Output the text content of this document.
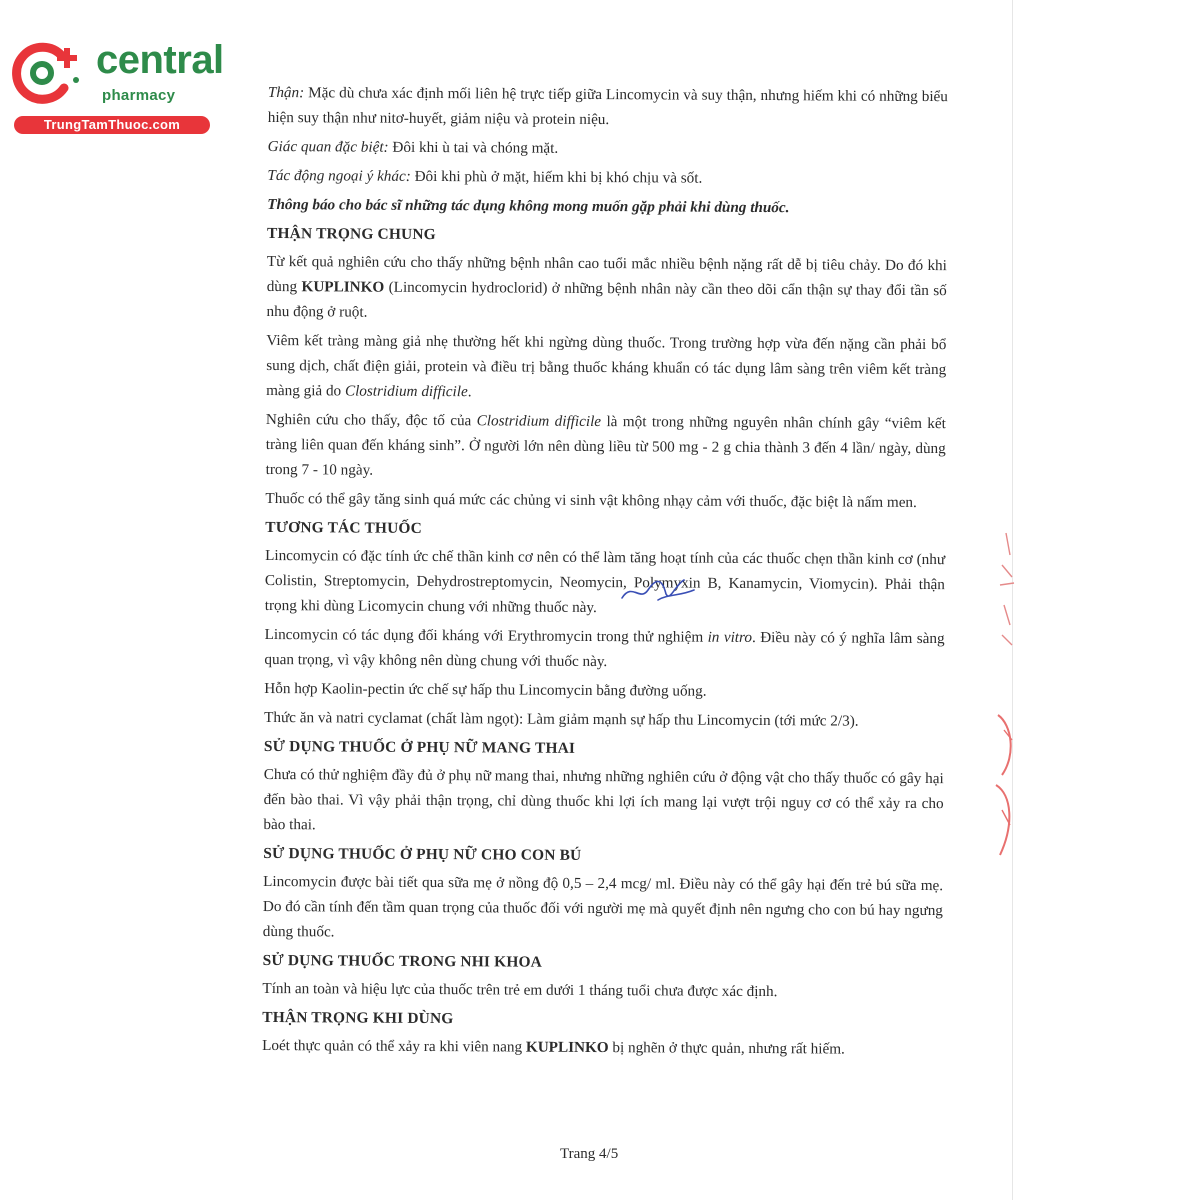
central
pharmacy
TrungTamThuoc.com

Thận: Mặc dù chưa xác định mối liên hệ trực tiếp giữa Lincomycin và suy thận, nhưng hiếm khi có những biểu hiện suy thận như nitơ-huyết, giảm niệu và protein niệu.

Giác quan đặc biệt: Đôi khi ù tai và chóng mặt.

Tác động ngoại ý khác: Đôi khi phù ở mặt, hiếm khi bị khó chịu và sốt.

Thông báo cho bác sĩ những tác dụng không mong muốn gặp phải khi dùng thuốc.

THẬN TRỌNG CHUNG

Từ kết quả nghiên cứu cho thấy những bệnh nhân cao tuổi mắc nhiều bệnh nặng rất dễ bị tiêu chảy. Do đó khi dùng KUPLINKO (Lincomycin hydroclorid) ở những bệnh nhân này cần theo dõi cẩn thận sự thay đổi tần số nhu động ở ruột.

Viêm kết tràng màng giả nhẹ thường hết khi ngừng dùng thuốc. Trong trường hợp vừa đến nặng cần phải bổ sung dịch, chất điện giải, protein và điều trị bằng thuốc kháng khuẩn có tác dụng lâm sàng trên viêm kết tràng màng giả do Clostridium difficile.

Nghiên cứu cho thấy, độc tố của Clostridium difficile là một trong những nguyên nhân chính gây “viêm kết tràng liên quan đến kháng sinh”. Ở người lớn nên dùng liều từ 500 mg - 2 g chia thành 3 đến 4 lần/ ngày, dùng trong 7 - 10 ngày.

Thuốc có thể gây tăng sinh quá mức các chủng vi sinh vật không nhạy cảm với thuốc, đặc biệt là nấm men.

TƯƠNG TÁC THUỐC

Lincomycin có đặc tính ức chế thần kinh cơ nên có thể làm tăng hoạt tính của các thuốc chẹn thần kinh cơ (như Colistin, Streptomycin, Dehydrostreptomycin, Neomycin, Polymyxin B, Kanamycin, Viomycin). Phải thận trọng khi dùng Licomycin chung với những thuốc này.

Lincomycin có tác dụng đối kháng với Erythromycin trong thử nghiệm in vitro. Điều này có ý nghĩa lâm sàng quan trọng, vì vậy không nên dùng chung với thuốc này.

Hỗn hợp Kaolin-pectin ức chế sự hấp thu Lincomycin bằng đường uống.

Thức ăn và natri cyclamat (chất làm ngọt): Làm giảm mạnh sự hấp thu Lincomycin (tới mức 2/3).

SỬ DỤNG THUỐC Ở PHỤ NỮ MANG THAI

Chưa có thử nghiệm đầy đủ ở phụ nữ mang thai, nhưng những nghiên cứu ở động vật cho thấy thuốc có gây hại đến bào thai. Vì vậy phải thận trọng, chỉ dùng thuốc khi lợi ích mang lại vượt trội nguy cơ có thể xảy ra cho bào thai.

SỬ DỤNG THUỐC Ở PHỤ NỮ CHO CON BÚ

Lincomycin được bài tiết qua sữa mẹ ở nồng độ 0,5 – 2,4 mcg/ ml. Điều này có thể gây hại đến trẻ bú sữa mẹ. Do đó cần tính đến tầm quan trọng của thuốc đối với người mẹ mà quyết định nên ngưng cho con bú hay ngưng dùng thuốc.

SỬ DỤNG THUỐC TRONG NHI KHOA

Tính an toàn và hiệu lực của thuốc trên trẻ em dưới 1 tháng tuổi chưa được xác định.

THẬN TRỌNG KHI DÙNG

Loét thực quản có thể xảy ra khi viên nang KUPLINKO bị nghẽn ở thực quản, nhưng rất hiếm.

Trang 4/5
